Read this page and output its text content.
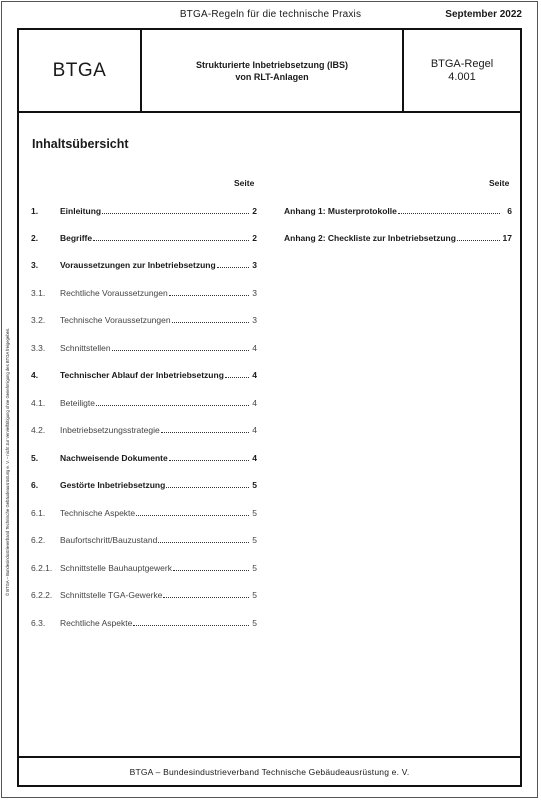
BTGA-Regeln für die technische Praxis	September 2022
© BTGA – Bundesindustrieverband Technische Gebäudeausrüstung e. V. – nicht zur Vervielfältigung ohne Genehmigung des BTGA freigegeben.
BTGA	Strukturierte Inbetriebsetzung (IBS)
von RLT-Anlagen
BTGA-Regel
4.001
Inhaltsübersicht
Seite	Seite
1.	Einleitung	2
2.	Begriffe	2
3.	Voraussetzungen zur Inbetriebsetzung	3
3.1.	Rechtliche Voraussetzungen	3
3.2.	Technische Voraussetzungen	3
3.3.	Schnittstellen	4
4.	Technischer Ablauf der Inbetriebsetzung	4
4.1.	Beteiligte	4
4.2.	Inbetriebsetzungsstrategie	4
5.	Nachweisende Dokumente	4
6.	Gestörte Inbetriebsetzung	5
6.1.	Technische Aspekte	5
6.2.	Baufortschritt/Bauzustand	5
6.2.1. Schnittstelle Bauhauptgewerk	5
6.2.2. Schnittstelle TGA-Gewerke	5
6.3.	Rechtliche Aspekte	5
Anhang 1: Musterprotokolle	6
Anhang 2: Checkliste zur Inbetriebsetzung	17
BTGA – Bundesindustrieverband Technische Gebäudeausrüstung e. V.
